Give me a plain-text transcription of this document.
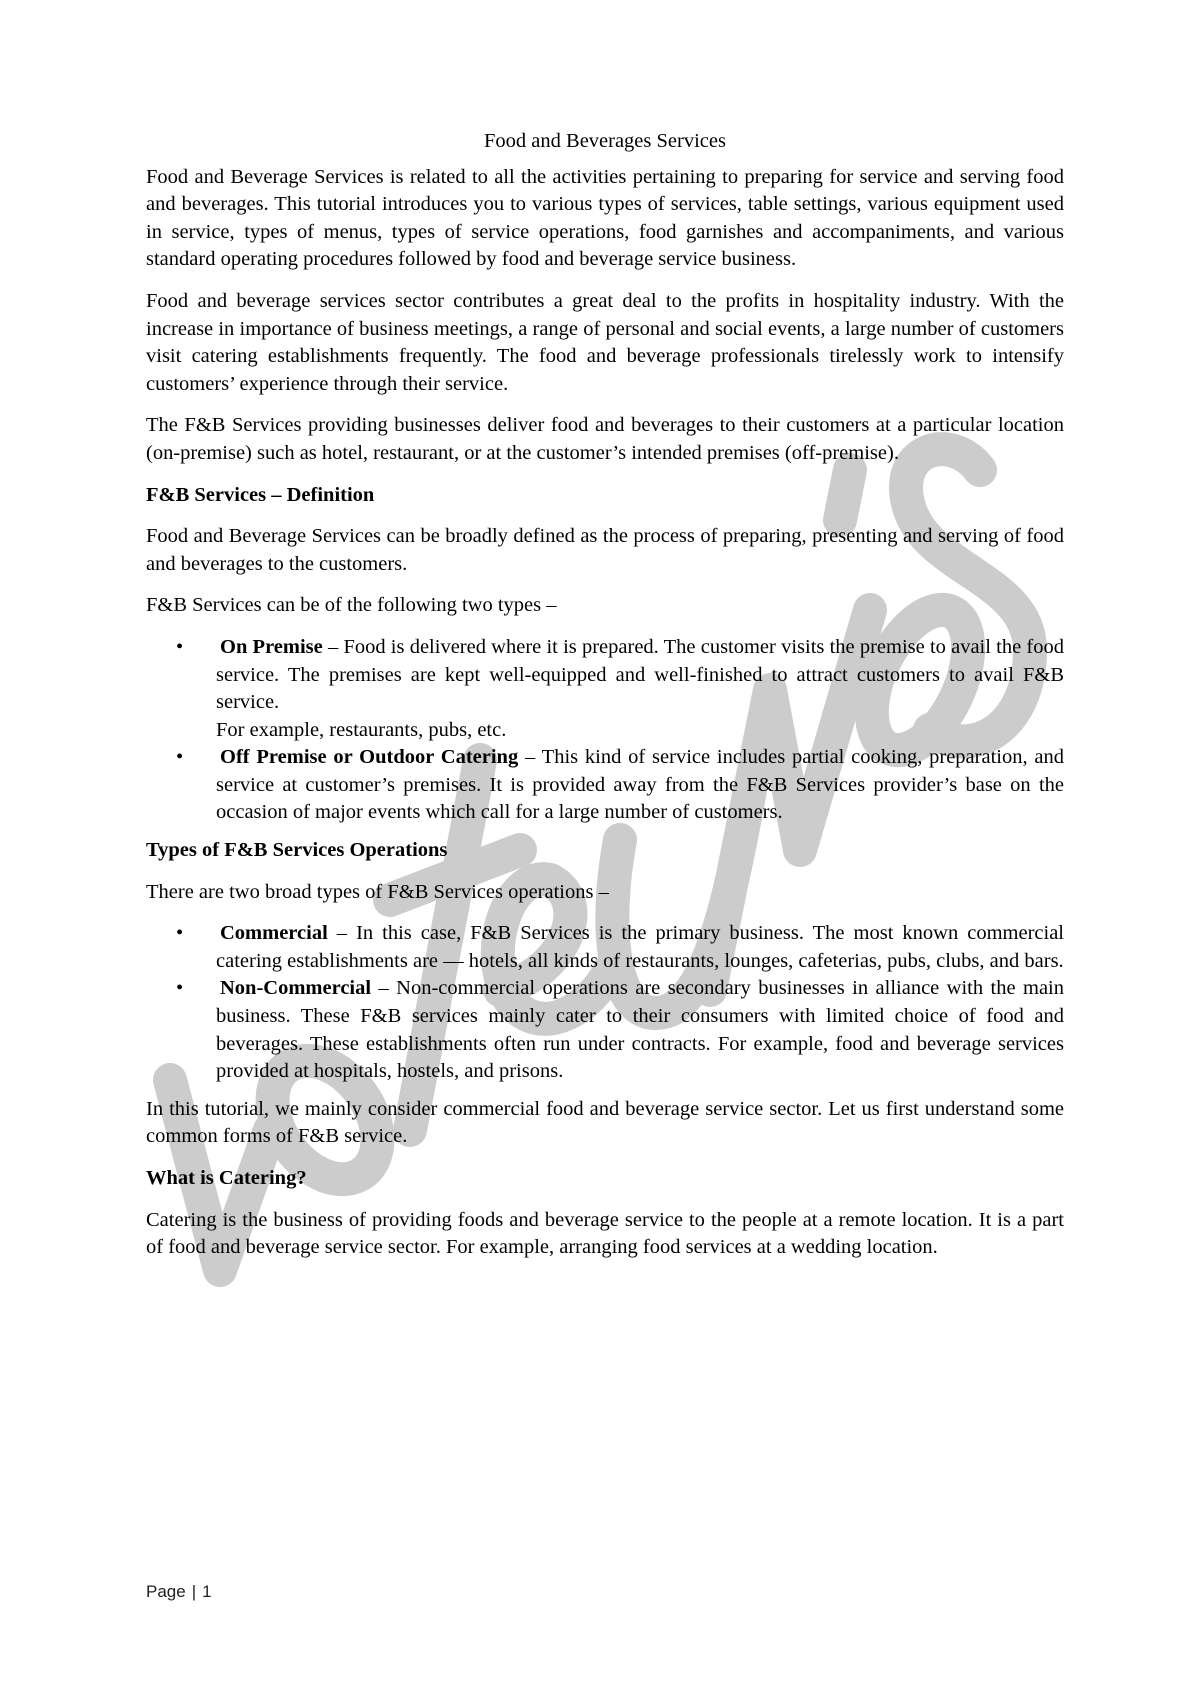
Food and Beverages Services

Food and Beverage Services is related to all the activities pertaining to preparing for service and serving food and beverages. This tutorial introduces you to various types of services, table settings, various equipment used in service, types of menus, types of service operations, food garnishes and accompaniments, and various standard operating procedures followed by food and beverage service business.

Food and beverage services sector contributes a great deal to the profits in hospitality industry. With the increase in importance of business meetings, a range of personal and social events, a large number of customers visit catering establishments frequently. The food and beverage professionals tirelessly work to intensify customers’ experience through their service.

The F&B Services providing businesses deliver food and beverages to their customers at a particular location (on-premise) such as hotel, restaurant, or at the customer’s intended premises (off-premise).

F&B Services – Definition

Food and Beverage Services can be broadly defined as the process of preparing, presenting and serving of food and beverages to the customers.

F&B Services can be of the following two types –

• On Premise – Food is delivered where it is prepared. The customer visits the premise to avail the food service. The premises are kept well-equipped and well-finished to attract customers to avail F&B service.
For example, restaurants, pubs, etc.
• Off Premise or Outdoor Catering – This kind of service includes partial cooking, preparation, and service at customer’s premises. It is provided away from the F&B Services provider’s base on the occasion of major events which call for a large number of customers.
Types of F&B Services Operations

There are two broad types of F&B Services operations –

• Commercial – In this case, F&B Services is the primary business. The most known commercial catering establishments are — hotels, all kinds of restaurants, lounges, cafeterias, pubs, clubs, and bars.
• Non-Commercial – Non-commercial operations are secondary businesses in alliance with the main business. These F&B services mainly cater to their consumers with limited choice of food and beverages. These establishments often run under contracts. For example, food and beverage services provided at hospitals, hostels, and prisons.

In this tutorial, we mainly consider commercial food and beverage service sector. Let us first understand some common forms of F&B service.

What is Catering?

Catering is the business of providing foods and beverage service to the people at a remote location. It is a part of food and beverage service sector. For example, arranging food services at a wedding location.

Page | 1
